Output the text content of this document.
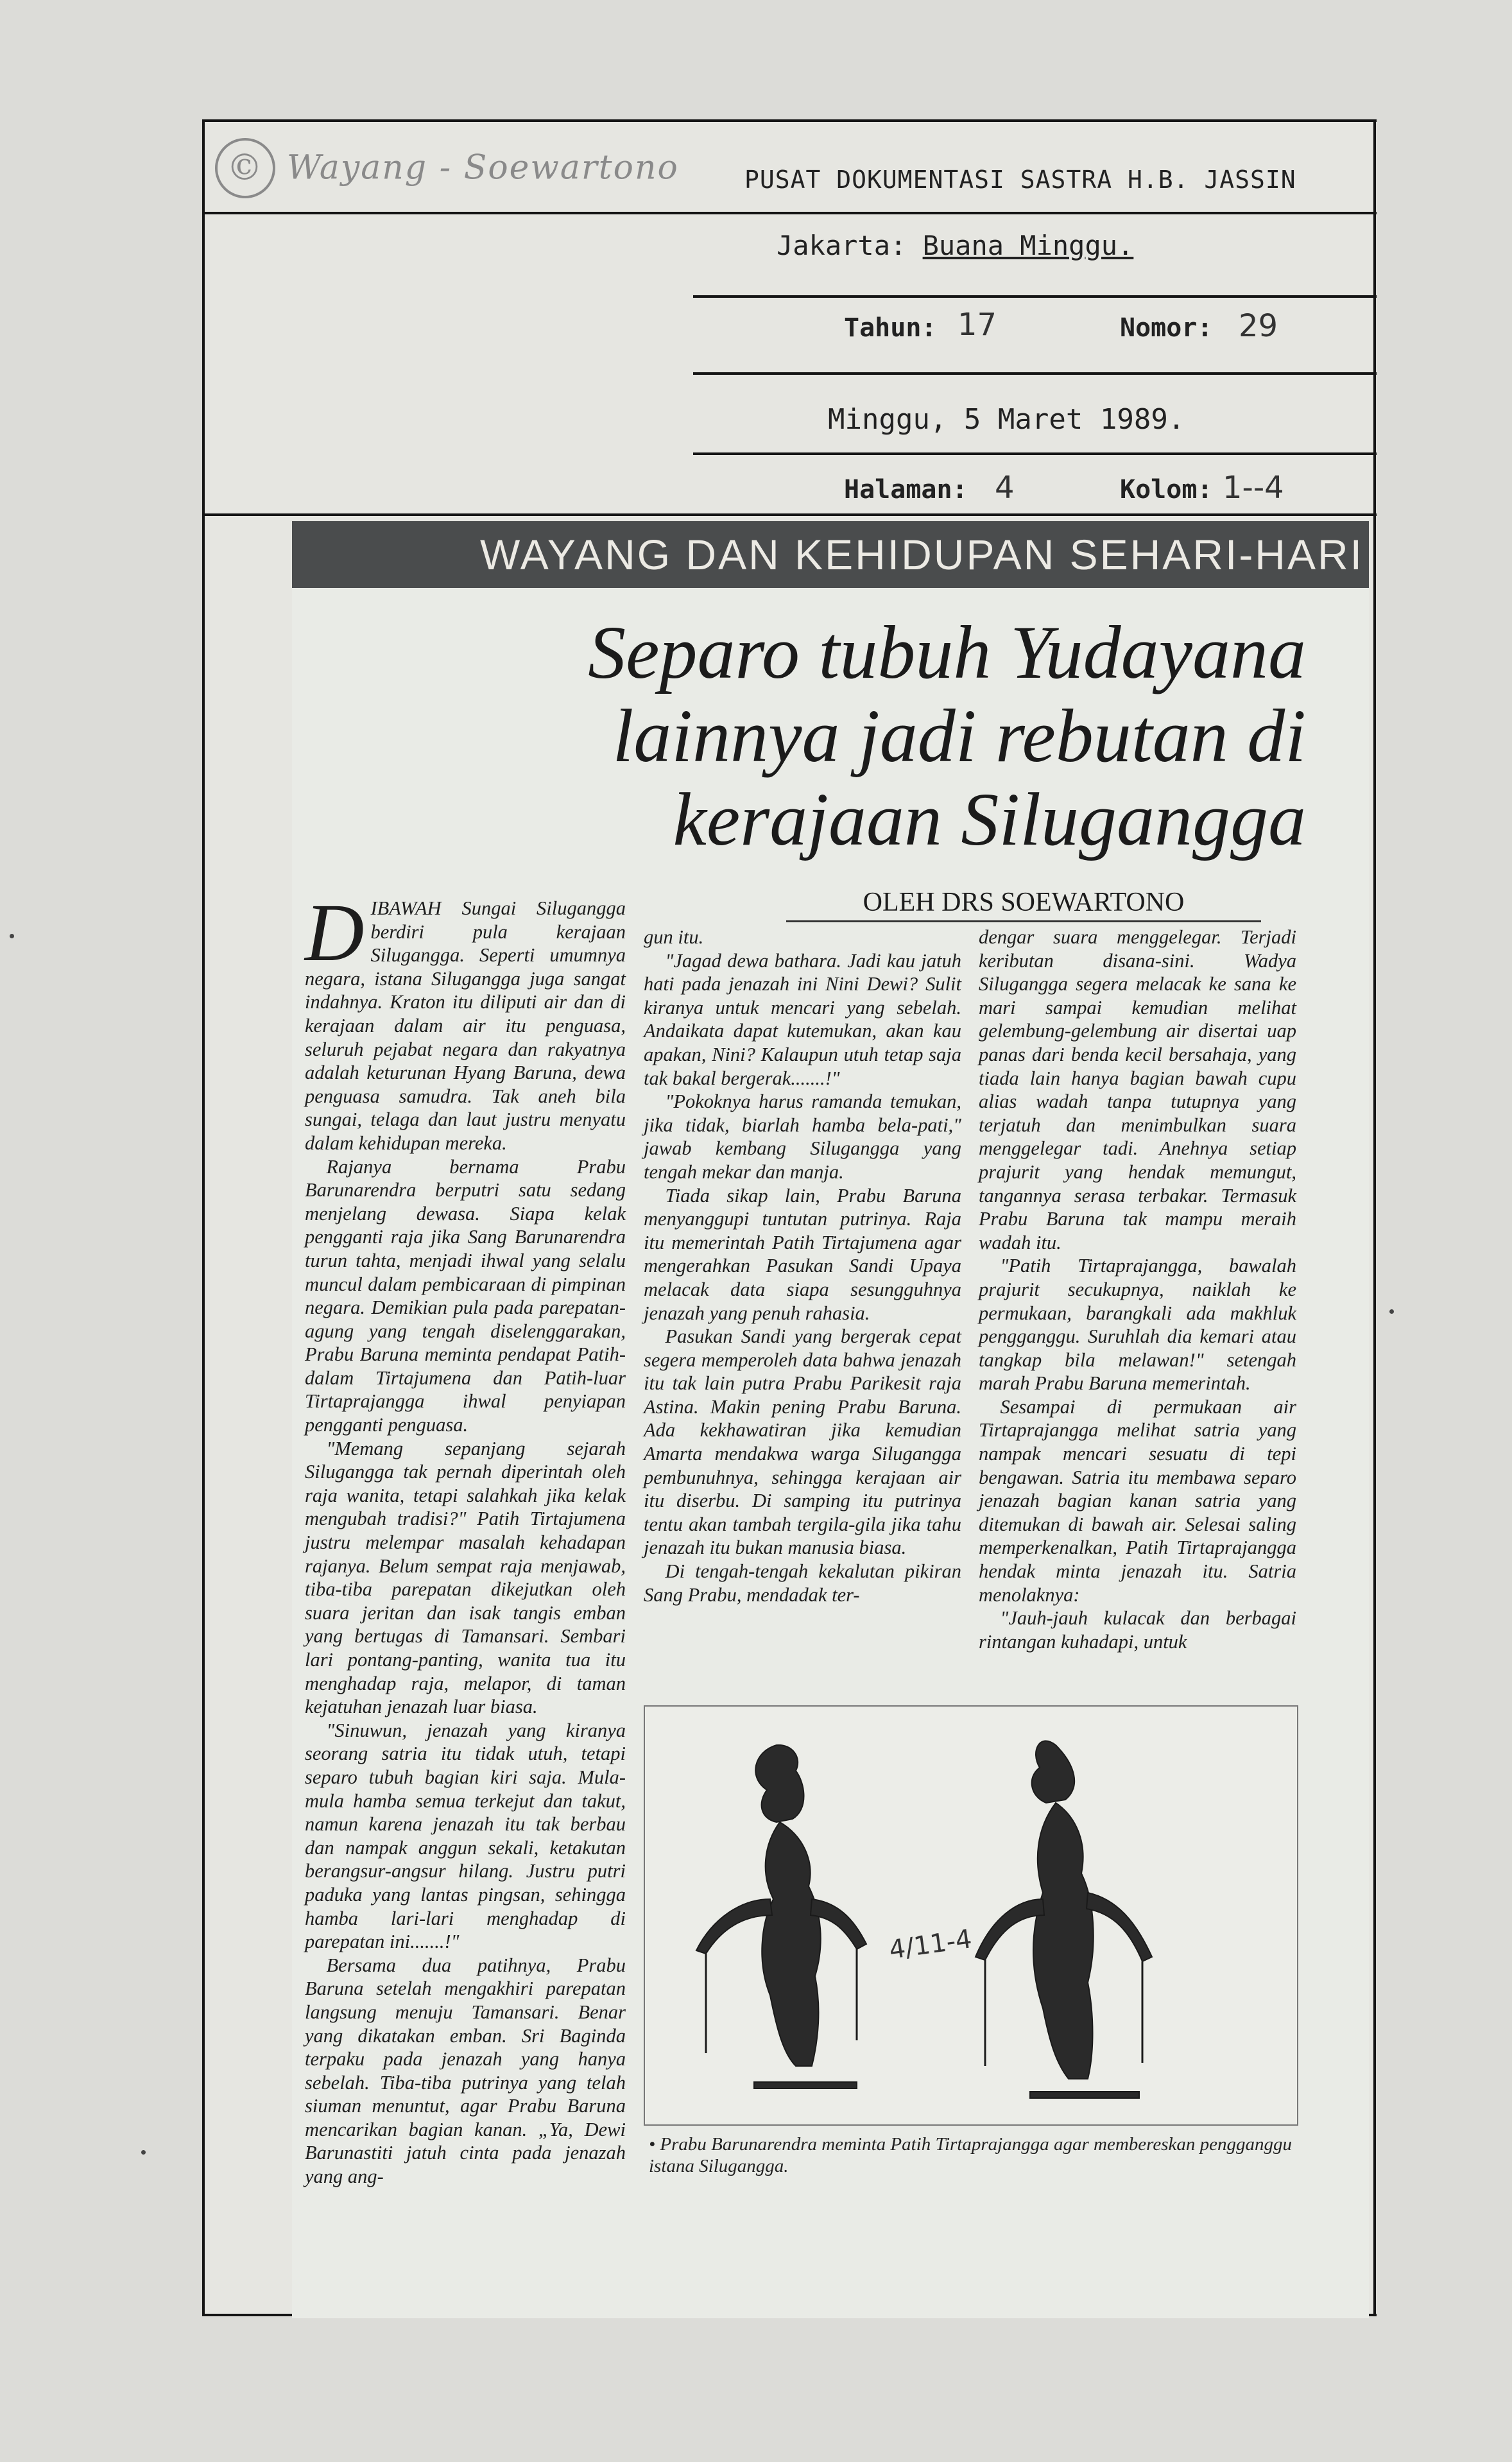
© Wayang - Soewartono	PUSAT DOKUMENTASI SASTRA H.B. JASSIN
Jakarta: Buana Minggu.
Tahun: 17	Nomor: 29
Minggu, 5 Maret 1989.
Halaman: 4	Kolom: 1--4
WAYANG DAN KEHIDUPAN SEHARI-HARI
Separo tubuh Yudayana
lainnya jadi rebutan di
kerajaan Silugangga
OLEH DRS SOEWARTONO

DIBAWAH Sungai Silugangga berdiri pula kerajaan Silugangga. Seperti umumnya negara, istana Silugangga juga sangat indahnya. Kraton itu diliputi air dan di kerajaan dalam air itu penguasa, seluruh pejabat negara dan rakyatnya adalah keturunan Hyang Baruna, dewa penguasa samudra. Tak aneh bila sungai, telaga dan laut justru menyatu dalam kehidupan mereka.

Rajanya bernama Prabu Barunarendra berputri satu sedang menjelang dewasa. Siapa kelak pengganti raja jika Sang Barunarendra turun tahta, menjadi ihwal yang selalu muncul dalam pembicaraan di pimpinan negara. Demikian pula pada parepatan-agung yang tengah diselenggarakan, Prabu Baruna meminta pendapat Patih-dalam Tirtajumena dan Patih-luar Tirtaprajangga ihwal penyiapan pengganti penguasa.

"Memang sepanjang sejarah Silugangga tak pernah diperintah oleh raja wanita, tetapi salahkah jika kelak mengubah tradisi?" Patih Tirtajumena justru melempar masalah kehadapan rajanya. Belum sempat raja menjawab, tiba-tiba parepatan dikejutkan oleh suara jeritan dan isak tangis emban yang bertugas di Tamansari. Sembari lari pontang-panting, wanita tua itu menghadap raja, melapor, di taman kejatuhan jenazah luar biasa.

"Sinuwun, jenazah yang kiranya seorang satria itu tidak utuh, tetapi separo tubuh bagian kiri saja. Mula-mula hamba semua terkejut dan takut, namun karena jenazah itu tak berbau dan nampak anggun sekali, ketakutan berangsur-angsur hilang. Justru putri paduka yang lantas pingsan, sehingga hamba lari-lari menghadap di parepatan ini.......!"

Bersama dua patihnya, Prabu Baruna setelah mengakhiri parepatan langsung menuju Tamansari. Benar yang dikatakan emban. Sri Baginda terpaku pada jenazah yang hanya sebelah. Tiba-tiba putrinya yang telah siuman menuntut, agar Prabu Baruna mencarikan bagian kanan. „Ya, Dewi Barunastiti jatuh cinta pada jenazah yang ang-

gun itu.

"Jagad dewa bathara. Jadi kau jatuh hati pada jenazah ini Nini Dewi? Sulit kiranya untuk mencari yang sebelah. Andaikata dapat kutemukan, akan kau apakan, Nini? Kalaupun utuh tetap saja tak bakal bergerak.......!"

"Pokoknya harus ramanda temukan, jika tidak, biarlah hamba bela-pati," jawab kembang Silugangga yang tengah mekar dan manja.

Tiada sikap lain, Prabu Baruna menyanggupi tuntutan putrinya. Raja itu memerintah Patih Tirtajumena agar mengerahkan Pasukan Sandi Upaya melacak data siapa sesungguhnya jenazah yang penuh rahasia.

Pasukan Sandi yang bergerak cepat segera memperoleh data bahwa jenazah itu tak lain putra Prabu Parikesit raja Astina. Makin pening Prabu Baruna. Ada kekhawatiran jika kemudian Amarta mendakwa warga Silugangga pembunuhnya, sehingga kerajaan air itu diserbu. Di samping itu putrinya tentu akan tambah tergila-gila jika tahu jenazah itu bukan manusia biasa.

Di tengah-tengah kekalutan pikiran Sang Prabu, mendadak ter-

dengar suara menggelegar. Terjadi keributan disana-sini. Wadya Silugangga segera melacak ke sana ke mari sampai kemudian melihat gelembung-gelembung air disertai uap panas dari benda kecil bersahaja, yang tiada lain hanya bagian bawah cupu alias wadah tanpa tutupnya yang terjatuh dan menimbulkan suara menggelegar tadi. Anehnya setiap prajurit yang hendak memungut, tangannya serasa terbakar. Termasuk Prabu Baruna tak mampu meraih wadah itu.

"Patih Tirtaprajangga, bawalah prajurit secukupnya, naiklah ke permukaan, barangkali ada makhluk pengganggu. Suruhlah dia kemari atau tangkap bila melawan!" setengah marah Prabu Baruna memerintah.

Sesampai di permukaan air Tirtaprajangga melihat satria yang nampak mencari sesuatu di tepi bengawan. Satria itu membawa separo jenazah bagian kanan satria yang ditemukan di bawah air. Selesai saling memperkenalkan, Patih Tirtaprajangga hendak minta jenazah itu. Satria menolaknya:

"Jauh-jauh kulacak dan berbagai rintangan kuhadapi, untuk

4/11-4
• Prabu Barunarendra meminta Patih Tirtaprajangga agar membereskan pengganggu istana Silugangga.
